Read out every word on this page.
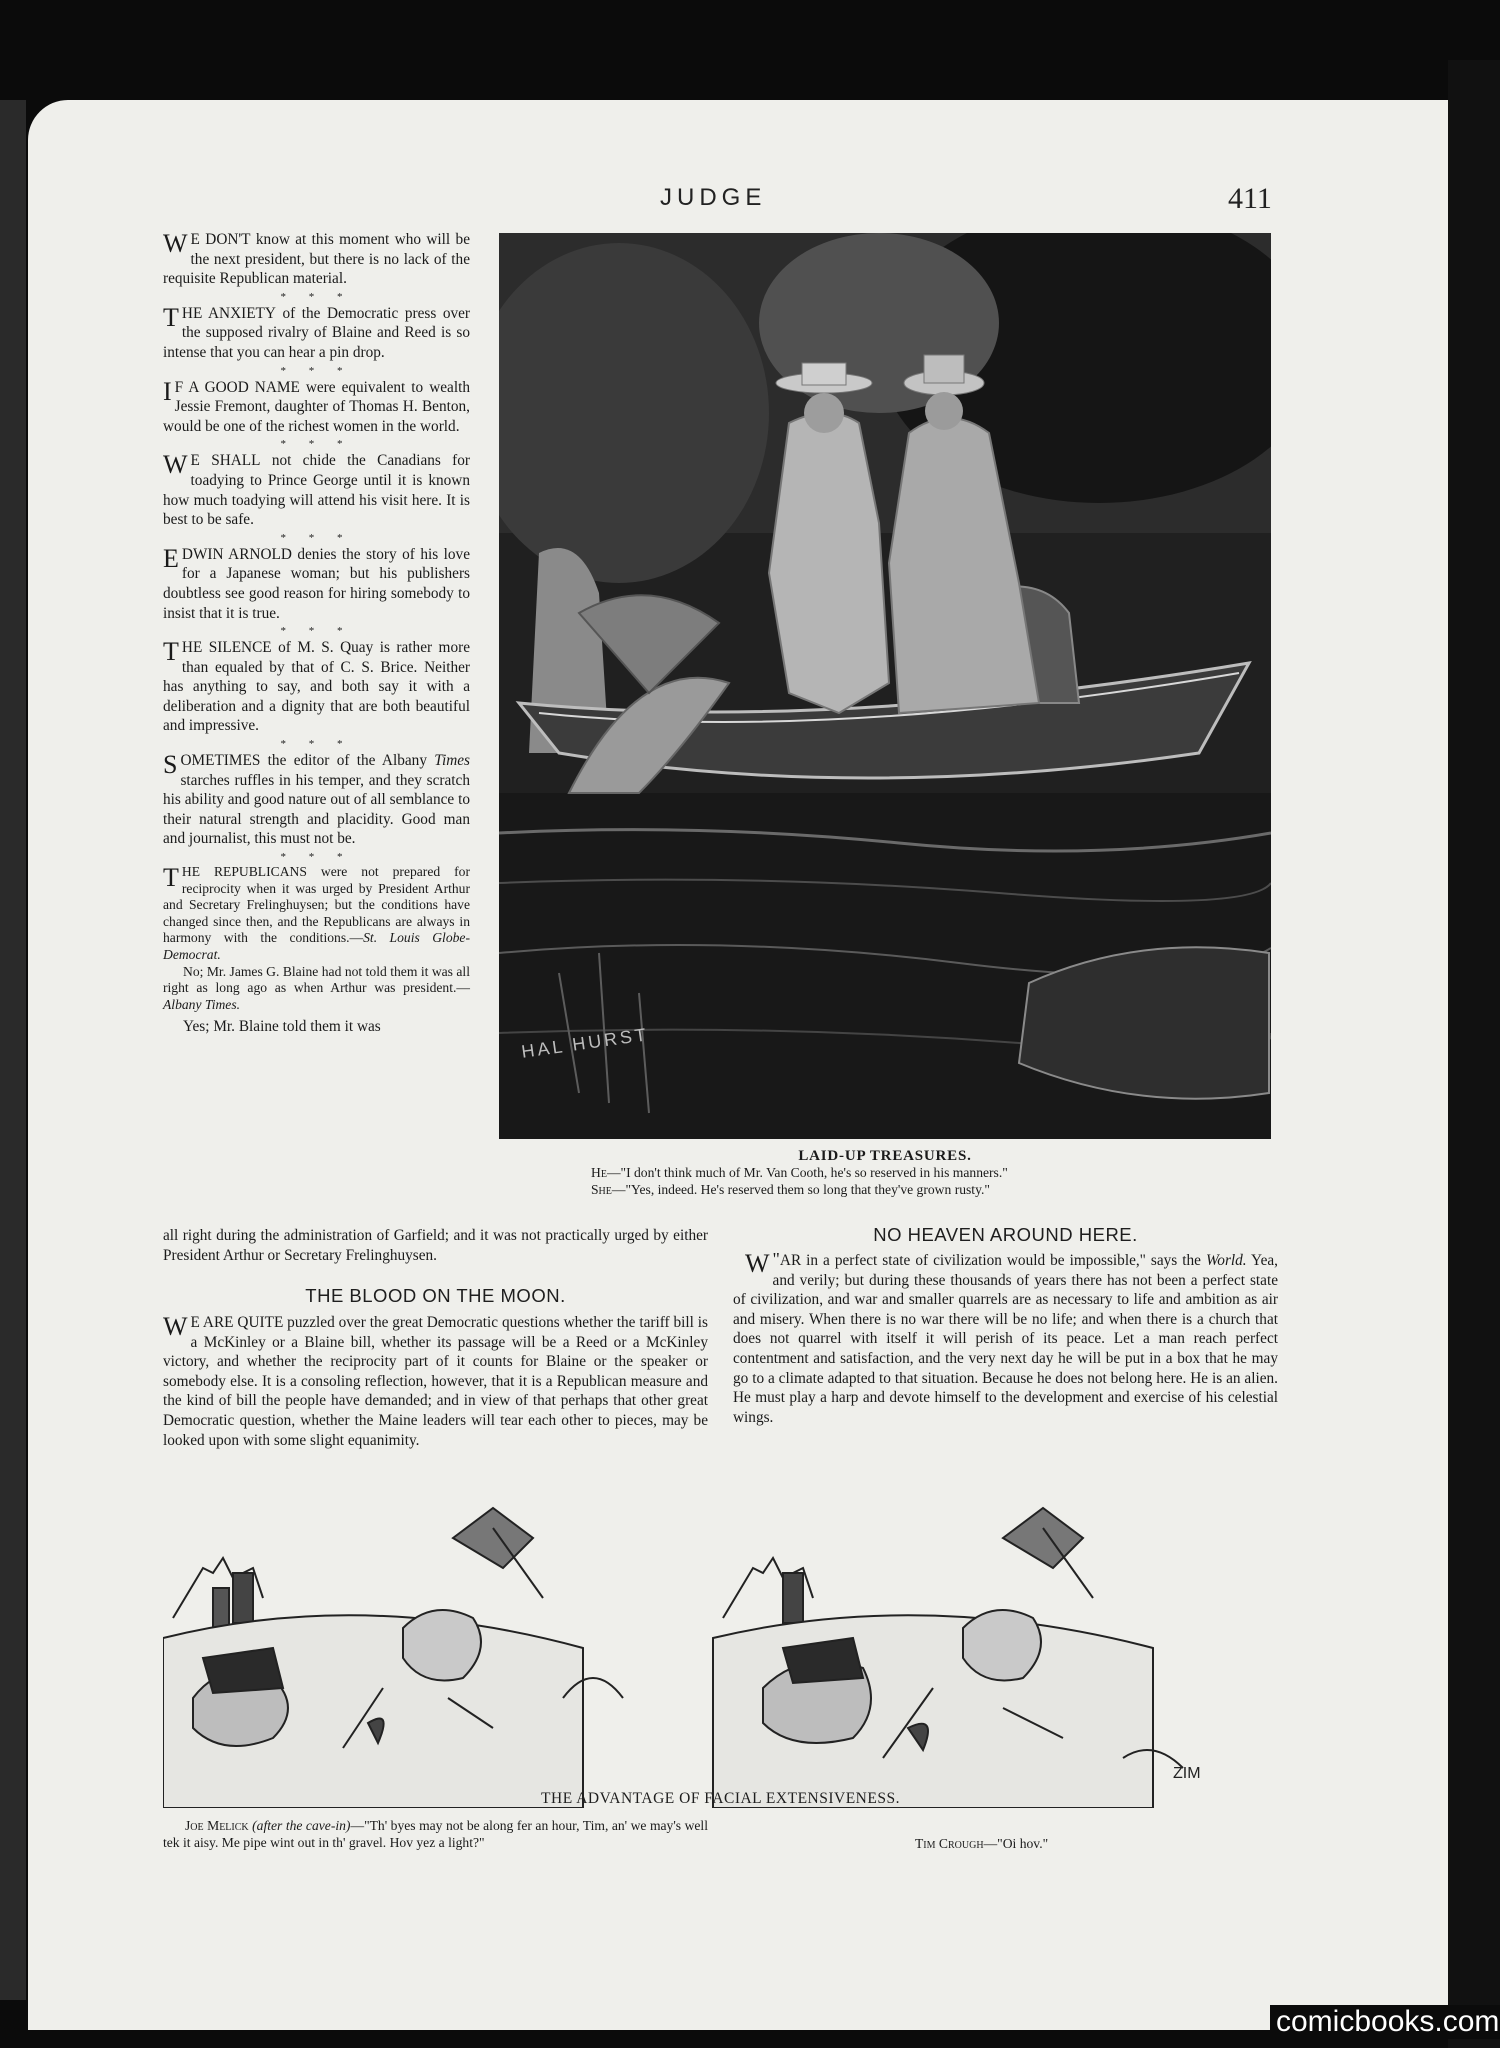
JUDGE	411
W E DON'T know at this moment who will be the next president, but there is no lack of the requisite Republican material.
* * *
THE ANXIETY of the Democratic press over the supposed rivalry of Blaine and Reed is so intense that you can hear a pin drop.
* * *
I F A GOOD NAME were equivalent to wealth Jessie Fremont, daughter of Thomas H. Benton, would be one of the richest women in the world.
* * *
W E SHALL not chide the Canadians for toadying to Prince George until it is known how much toadying will attend his visit here. It is best to be safe.
* * *
EDWIN ARNOLD denies the story of his love for a Japanese woman; but his publishers doubtless see good reason for hiring somebody to insist that it is true.
* * *
THE SILENCE of M. S. Quay is rather more than equaled by that of C. S. Brice. Neither has anything to say, and both say it with a deliberation and a dignity that are both beautiful and impressive.
* * *
SOMETIMES the editor of the Albany Times starches ruffles in his temper, and they scratch his ability and good nature out of all semblance to their natural strength and placidity. Good man and journalist, this must not be.
* * *
THE REPUBLICANS were not prepared for reciprocity when it was urged by President Arthur and Secretary Frelinghuysen; but the conditions have changed since then, and the Republicans are always in harmony with the conditions.—St. Louis Globe-Democrat.
No; Mr. James G. Blaine had not told them it was all right as long ago as when Arthur was president.—Albany Times.
Yes; Mr. Blaine told them it was
all right during the administration of Garfield; and it was not practically urged by either President Arthur or Secretary Frelinghuysen.
HAL HURST
LAID-UP TREASURES.
He—"I don't think much of Mr. Van Cooth, he's so reserved in his manners."
She—"Yes, indeed. He's reserved them so long that they've grown rusty."
THE BLOOD ON THE MOON.
W E ARE QUITE puzzled over the great Democratic questions whether the tariff bill is a McKinley or a Blaine bill, whether its passage will be a Reed or a McKinley victory, and whether the reciprocity part of it counts for Blaine or the speaker or somebody else. It is a consoling reflection, however, that it is a Republican measure and the kind of bill the people have demanded; and in view of that perhaps that other great Democratic question, whether the Maine leaders will tear each other to pieces, may be looked upon with some slight equanimity.
NO HEAVEN AROUND HERE.
"
W AR in a perfect state of civilization would be impossible," says the World. Yea, and verily; but during these thousands of years there has not been a perfect state of civilization, and war and smaller quarrels are as necessary to life and ambition as air and misery. When there is no war there will be no life; and when there is a church that does not quarrel with itself it will perish of its peace. Let a man reach perfect contentment and satisfaction, and the very next day he will be put in a box that he may go to a climate adapted to that situation. Because he does not belong here. He is an alien. He must play a harp and devote himself to the development and exercise of his celestial wings.
ZIM
THE ADVANTAGE OF FACIAL EXTENSIVENESS.
Joe Melick (after the cave-in)—"Th' byes may not be along fer an hour, Tim, an' we may's well tek it aisy. Me pipe wint out in th' gravel. Hov yez a light?"	Tim Crough—"Oi hov."
comicbooks.com
